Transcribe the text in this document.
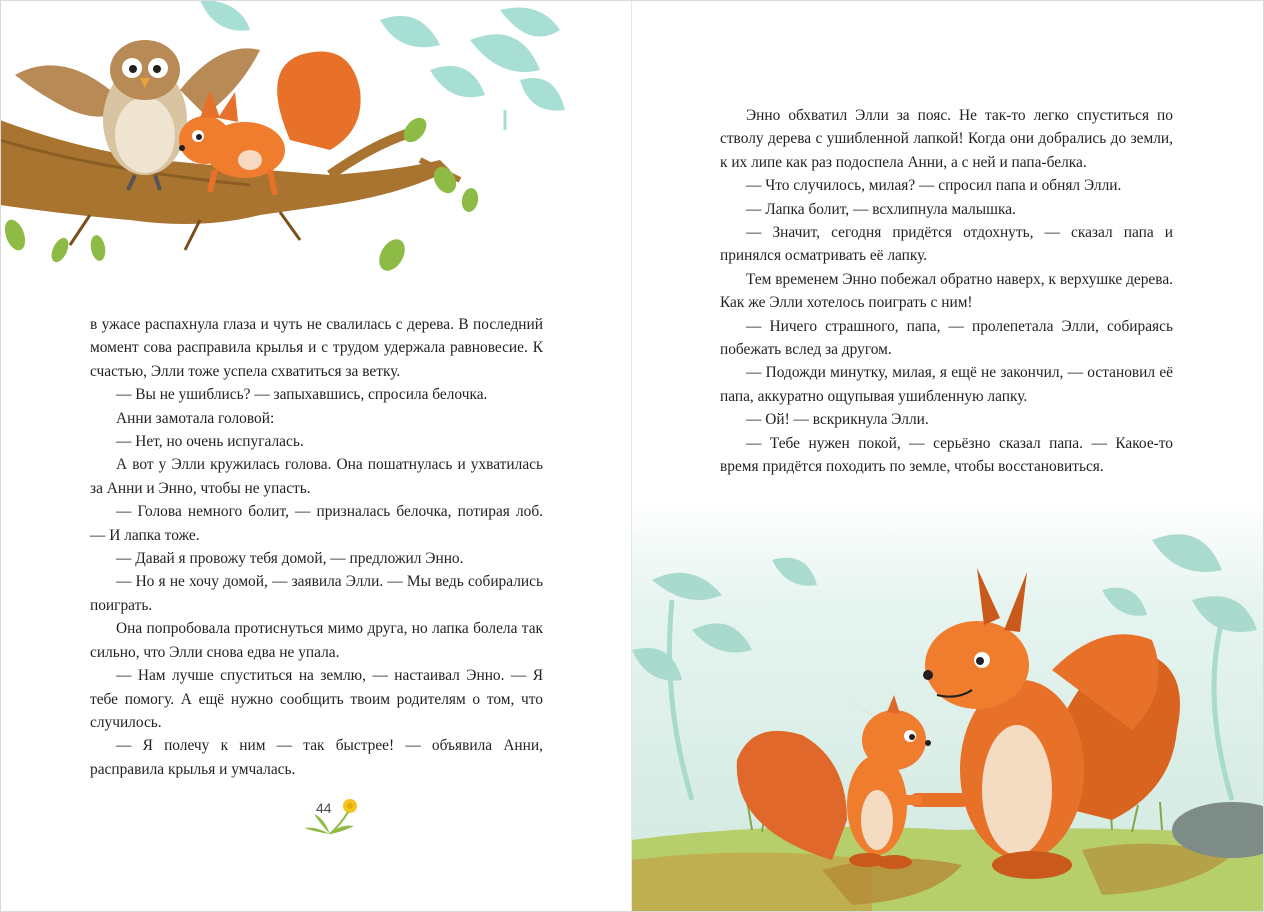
в ужасе распахнула глаза и чуть не свалилась с дерева. В последний момент сова расправила крылья и с трудом удержала равновесие. К счастью, Элли тоже успела схватиться за ветку.

— Вы не ушиблись? — запыхавшись, спросила белочка.

Анни замотала головой:

— Нет, но очень испугалась.

А вот у Элли кружилась голова. Она пошатнулась и ухватилась за Анни и Энно, чтобы не упасть.

— Голова немного болит, — призналась белочка, потирая лоб. — И лапка тоже.

— Давай я провожу тебя домой, — предложил Энно.

— Но я не хочу домой, — заявила Элли. — Мы ведь собирались поиграть.

Она попробовала протиснуться мимо друга, но лапка болела так сильно, что Элли снова едва не упала.

— Нам лучше спуститься на землю, — настаивал Энно. — Я тебе помогу. А ещё нужно сообщить твоим родителям о том, что случилось.

— Я полечу к ним — так быстрее! — объявила Анни, расправила крылья и умчалась.

44

Энно обхватил Элли за пояс. Не так-то легко спуститься по стволу дерева с ушибленной лапкой! Когда они добрались до земли, к их липе как раз подоспела Анни, а с ней и папа-белка.

— Что случилось, милая? — спросил папа и обнял Элли.

— Лапка болит, — всхлипнула малышка.

— Значит, сегодня придётся отдохнуть, — сказал папа и принялся осматривать её лапку.

Тем временем Энно побежал обратно наверх, к верхушке дерева. Как же Элли хотелось поиграть с ним!

— Ничего страшного, папа, — пролепетала Элли, собираясь побежать вслед за другом.

— Подожди минутку, милая, я ещё не закончил, — остановил её папа, аккуратно ощупывая ушибленную лапку.

— Ой! — вскрикнула Элли.

— Тебе нужен покой, — серьёзно сказал папа. — Какое-то время придётся походить по земле, чтобы восстановиться.
